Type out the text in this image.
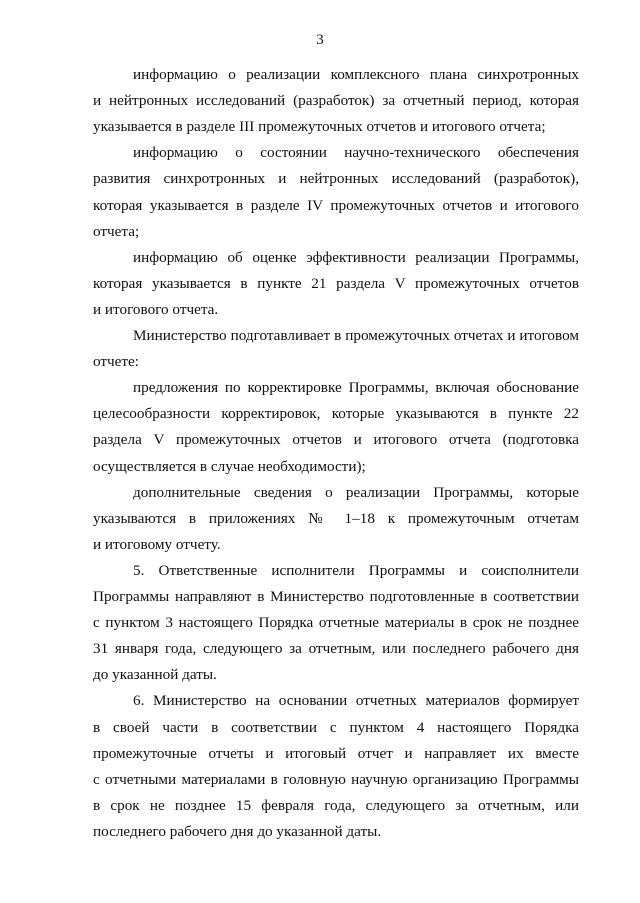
3
информацию о реализации комплексного плана синхротронных
и нейтронных исследований (разработок) за отчетный период, которая
указывается в разделе III промежуточных отчетов и итогового отчета;
информацию о состоянии научно-технического обеспечения
развития синхротронных и нейтронных исследований (разработок),
которая указывается в разделе IV промежуточных отчетов и итогового
отчета;
информацию об оценке эффективности реализации Программы,
которая указывается в пункте 21 раздела V промежуточных отчетов
и итогового отчета.
Министерство подготавливает в промежуточных отчетах и итоговом
отчете:
предложения по корректировке Программы, включая обоснование
целесообразности корректировок, которые указываются в пункте 22
раздела V промежуточных отчетов и итогового отчета (подготовка
осуществляется в случае необходимости);
дополнительные сведения о реализации Программы, которые
указываются в приложениях № 1–18 к промежуточным отчетам
и итоговому отчету.
5. Ответственные исполнители Программы и соисполнители
Программы направляют в Министерство подготовленные в соответствии
с пунктом 3 настоящего Порядка отчетные материалы в срок не позднее
31 января года, следующего за отчетным, или последнего рабочего дня
до указанной даты.
6. Министерство на основании отчетных материалов формирует
в своей части в соответствии с пунктом 4 настоящего Порядка
промежуточные отчеты и итоговый отчет и направляет их вместе
с отчетными материалами в головную научную организацию Программы
в срок не позднее 15 февраля года, следующего за отчетным, или
последнего рабочего дня до указанной даты.
